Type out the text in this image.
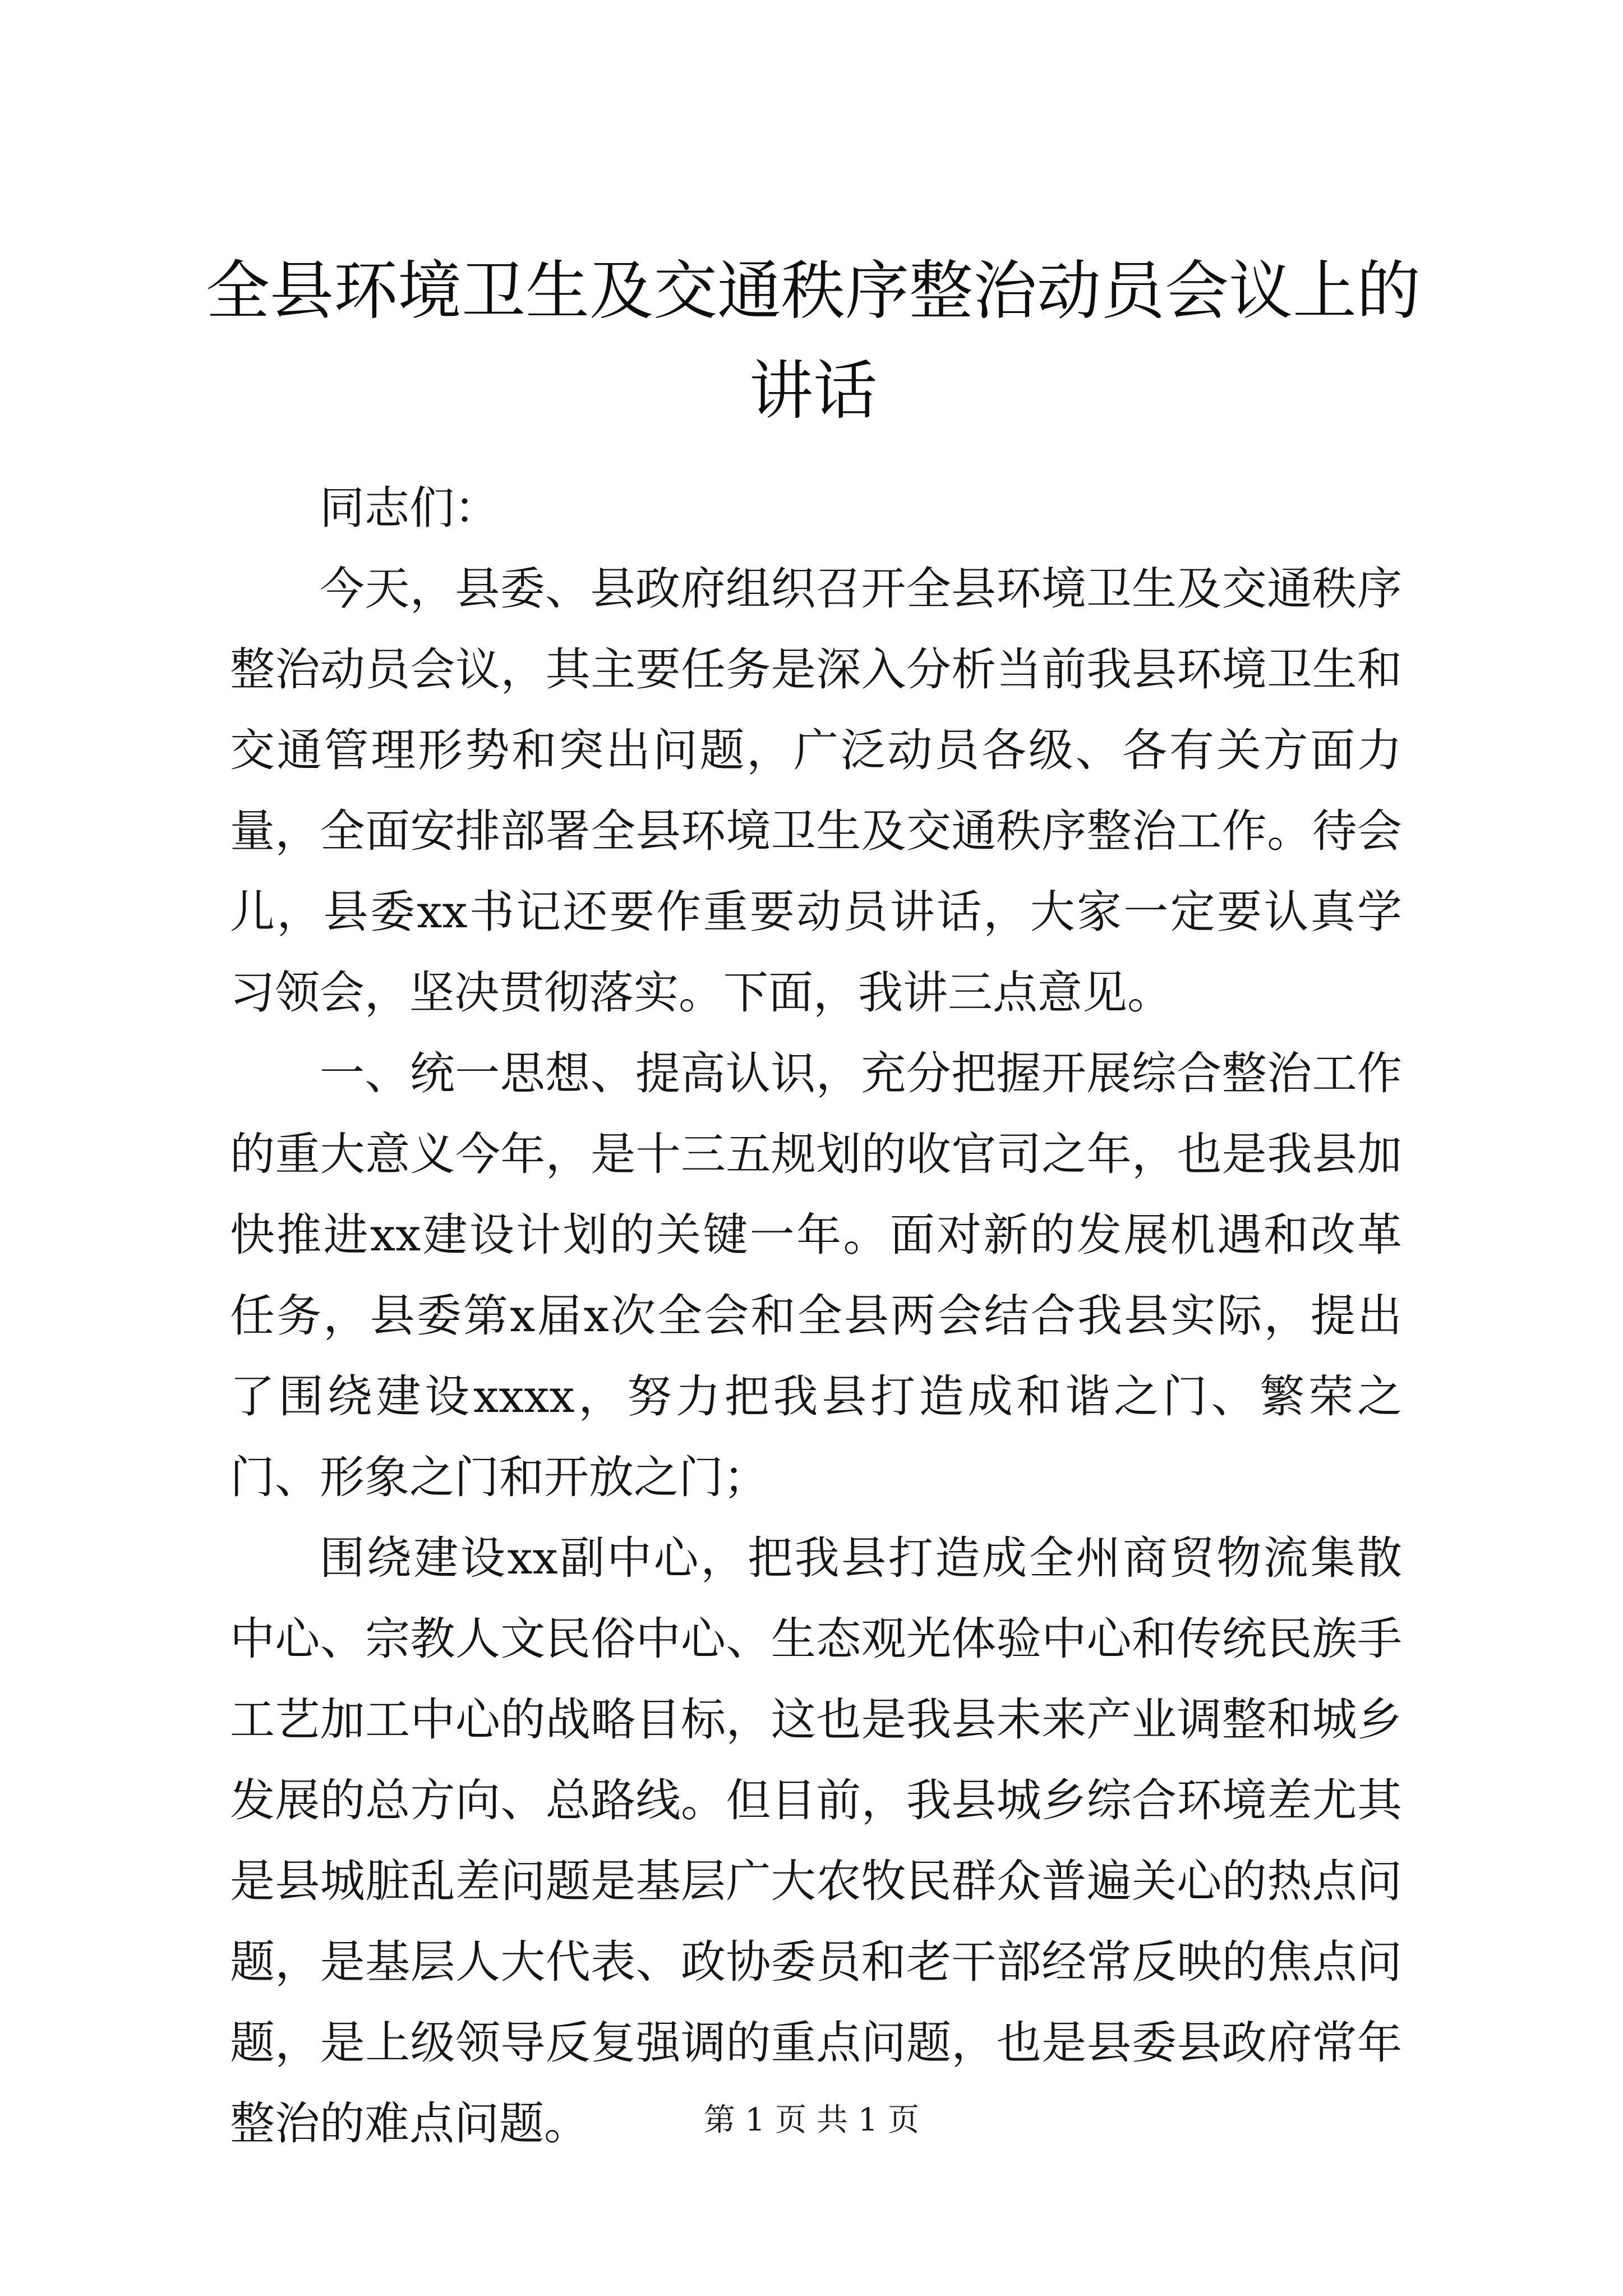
全县环境卫生及交通秩序整治动员会议上的讲话

同志们：

今天，县委、县政府组织召开全县环境卫生及交通秩序整治动员会议，其主要任务是深入分析当前我县环境卫生和交通管理形势和突出问题，广泛动员各级、各有关方面力量，全面安排部署全县环境卫生及交通秩序整治工作。待会儿，县委xx书记还要作重要动员讲话，大家一定要认真学习领会，坚决贯彻落实。下面，我讲三点意见。

一、统一思想、提高认识，充分把握开展综合整治工作的重大意义今年，是十三五规划的收官司之年，也是我县加快推进xx建设计划的关键一年。面对新的发展机遇和改革任务，县委第x届x次全会和全县两会结合我县实际，提出了围绕建设xxxx，努力把我县打造成和谐之门、繁荣之门、形象之门和开放之门；

围绕建设xx副中心，把我县打造成全州商贸物流集散中心、宗教人文民俗中心、生态观光体验中心和传统民族手工艺加工中心的战略目标，这也是我县未来产业调整和城乡发展的总方向、总路线。但目前，我县城乡综合环境差尤其是县城脏乱差问题是基层广大农牧民群众普遍关心的热点问题，是基层人大代表、政协委员和老干部经常反映的焦点问题，是上级领导反复强调的重点问题，也是县委县政府常年整治的难点问题。	第 1 页 共 1 页
